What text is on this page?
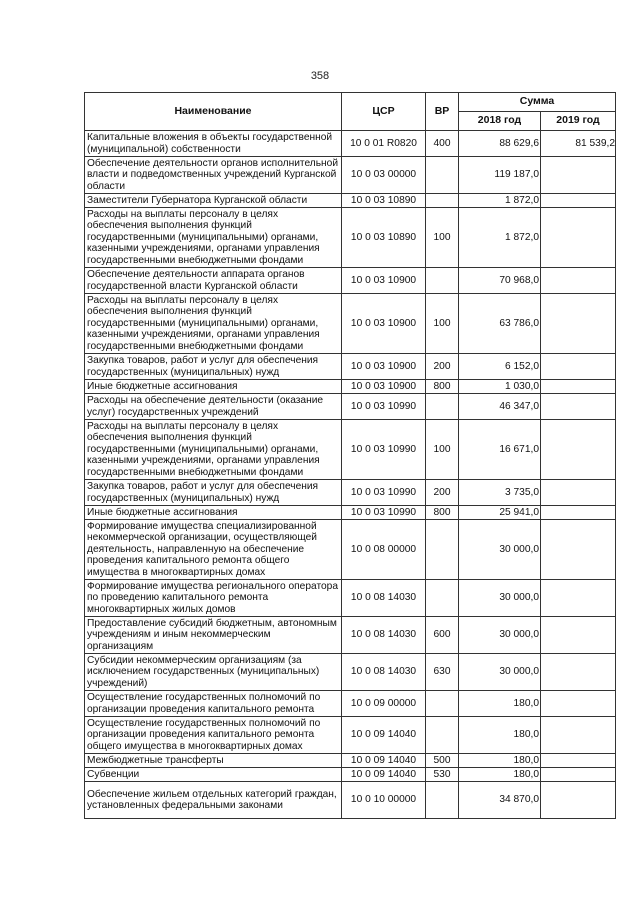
358
Наименование	ЦСР	ВР	Сумма	
			2018 год	2019 год
Капитальные вложения в объекты государственной (муниципальной) собственности	10 0 01 R0820	400	88 629,6	81 539,2
Обеспечение деятельности органов исполнительной власти и подведомственных учреждений Курганской области	10 0 03 00000		119 187,0	
Заместители Губернатора Курганской области	10 0 03 10890		1 872,0	
Расходы на выплаты персоналу в целях обеспечения выполнения функций государственными (муниципальными) органами, казенными учреждениями, органами управления государственными внебюджетными фондами	10 0 03 10890	100	1 872,0	
Обеспечение деятельности аппарата органов государственной власти Курганской области	10 0 03 10900		70 968,0	
Расходы на выплаты персоналу в целях обеспечения выполнения функций государственными (муниципальными) органами, казенными учреждениями, органами управления государственными внебюджетными фондами	10 0 03 10900	100	63 786,0	
Закупка товаров, работ и услуг для обеспечения государственных (муниципальных) нужд	10 0 03 10900	200	6 152,0	
Иные бюджетные ассигнования	10 0 03 10900	800	1 030,0	
Расходы на обеспечение деятельности (оказание услуг) государственных учреждений	10 0 03 10990		46 347,0	
Расходы на выплаты персоналу в целях обеспечения выполнения функций государственными (муниципальными) органами, казенными учреждениями, органами управления государственными внебюджетными фондами	10 0 03 10990	100	16 671,0	
Закупка товаров, работ и услуг для обеспечения государственных (муниципальных) нужд	10 0 03 10990	200	3 735,0	
Иные бюджетные ассигнования	10 0 03 10990	800	25 941,0	
Формирование имущества специализированной некоммерческой организации, осуществляющей деятельность, направленную на обеспечение проведения капитального ремонта общего имущества в многоквартирных домах	10 0 08 00000		30 000,0	
Формирование имущества регионального оператора по проведению капитального ремонта многоквартирных жилых домов	10 0 08 14030		30 000,0	
Предоставление субсидий бюджетным, автономным учреждениям и иным некоммерческим организациям	10 0 08 14030	600	30 000,0	
Субсидии некоммерческим организациям (за исключением государственных (муниципальных) учреждений)	10 0 08 14030	630	30 000,0	
Осуществление государственных полномочий по организации проведения капитального ремонта	10 0 09 00000		180,0	
Осуществление государственных полномочий по организации проведения капитального ремонта общего имущества в многоквартирных домах	10 0 09 14040		180,0	
Межбюджетные трансферты	10 0 09 14040	500	180,0	
Субвенции	10 0 09 14040	530	180,0	
Обеспечение жильем отдельных категорий граждан, установленных федеральными законами	10 0 10 00000		34 870,0	
